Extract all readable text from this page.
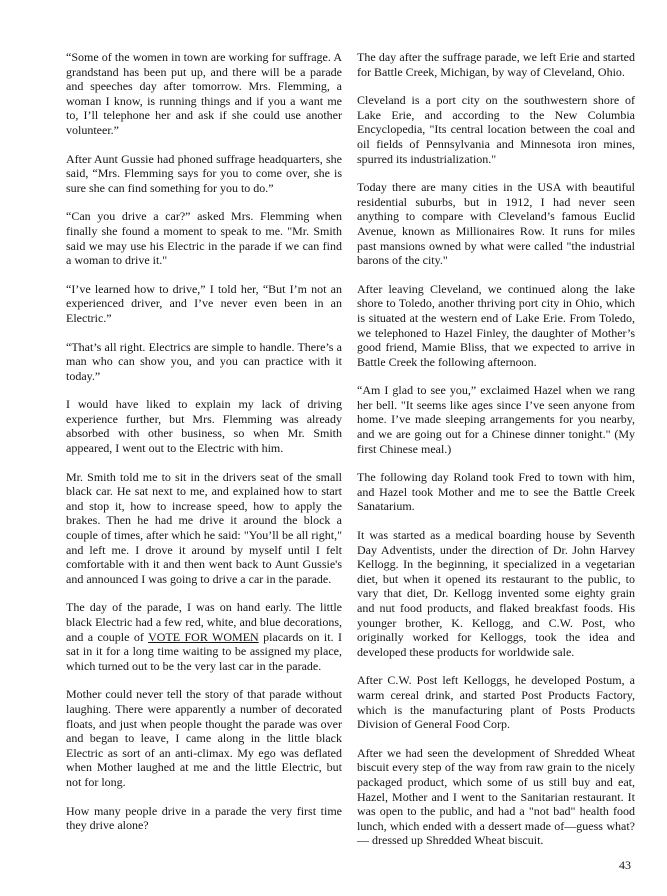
“Some of the women in town are working for suffrage. A grandstand has been put up, and there will be a parade and speeches day after tomorrow. Mrs. Flemming, a woman I know, is running things and if you a want me to, I’ll telephone her and ask if she could use another volunteer.”

After Aunt Gussie had phoned suffrage headquarters, she said, “Mrs. Flemming says for you to come over, she is sure she can find something for you to do.”

“Can you drive a car?” asked Mrs. Flemming when finally she found a moment to speak to me. "Mr. Smith said we may use his Electric in the parade if we can find a woman to drive it."

“I’ve learned how to drive,” I told her, “But I’m not an experienced driver, and I’ve never even been in an Electric.”

“That’s all right. Electrics are simple to handle. There’s a man who can show you, and you can practice with it today.”

I would have liked to explain my lack of driving experience further, but Mrs. Flemming was already absorbed with other business, so when Mr. Smith appeared, I went out to the Electric with him.

Mr. Smith told me to sit in the drivers seat of the small black car. He sat next to me, and explained how to start and stop it, how to increase speed, how to apply the brakes. Then he had me drive it around the block a couple of times, after which he said: "You’ll be all right," and left me. I drove it around by myself until I felt comfortable with it and then went back to Aunt Gussie's and announced I was going to drive a car in the parade.

The day of the parade, I was on hand early. The little black Electric had a few red, white, and blue decorations, and a couple of VOTE FOR WOMEN placards on it. I sat in it for a long time waiting to be assigned my place, which turned out to be the very last car in the parade.

Mother could never tell the story of that parade without laughing. There were apparently a number of decorated floats, and just when people thought the parade was over and began to leave, I came along in the little black Electric as sort of an anti-climax. My ego was deflated when Mother laughed at me and the little Electric, but not for long.

How many people drive in a parade the very first time they drive alone?

The day after the suffrage parade, we left Erie and started for Battle Creek, Michigan, by way of Cleveland, Ohio.

Cleveland is a port city on the southwestern shore of Lake Erie, and according to the New Columbia Encyclopedia, "Its central location between the coal and oil fields of Pennsylvania and Minnesota iron mines, spurred its industrialization."

Today there are many cities in the USA with beautiful residential suburbs, but in 1912, I had never seen anything to compare with Cleveland’s famous Euclid Avenue, known as Millionaires Row. It runs for miles past mansions owned by what were called "the industrial barons of the city."

After leaving Cleveland, we continued along the lake shore to Toledo, another thriving port city in Ohio, which is situated at the western end of Lake Erie. From Toledo, we telephoned to Hazel Finley, the daughter of Mother’s good friend, Mamie Bliss, that we expected to arrive in Battle Creek the following afternoon.

“Am I glad to see you,” exclaimed Hazel when we rang her bell. "It seems like ages since I’ve seen anyone from home. I’ve made sleeping arrangements for you nearby, and we are going out for a Chinese dinner tonight." (My first Chinese meal.)

The following day Roland took Fred to town with him, and Hazel took Mother and me to see the Battle Creek Sanatarium.

It was started as a medical boarding house by Seventh Day Adventists, under the direction of Dr. John Harvey Kellogg. In the beginning, it specialized in a vegetarian diet, but when it opened its restaurant to the public, to vary that diet, Dr. Kellogg invented some eighty grain and nut food products, and flaked breakfast foods. His younger brother, K. Kellogg, and C.W. Post, who originally worked for Kelloggs, took the idea and developed these products for worldwide sale.

After C.W. Post left Kelloggs, he developed Postum, a warm cereal drink, and started Post Products Factory, which is the manufacturing plant of Posts Products Division of General Food Corp.

After we had seen the development of Shredded Wheat biscuit every step of the way from raw grain to the nicely packaged product, which some of us still buy and eat, Hazel, Mother and I went to the Sanitarian restaurant. It was open to the public, and had a "not bad" health food lunch, which ended with a dessert made of—guess what?— dressed up Shredded Wheat biscuit.

43
